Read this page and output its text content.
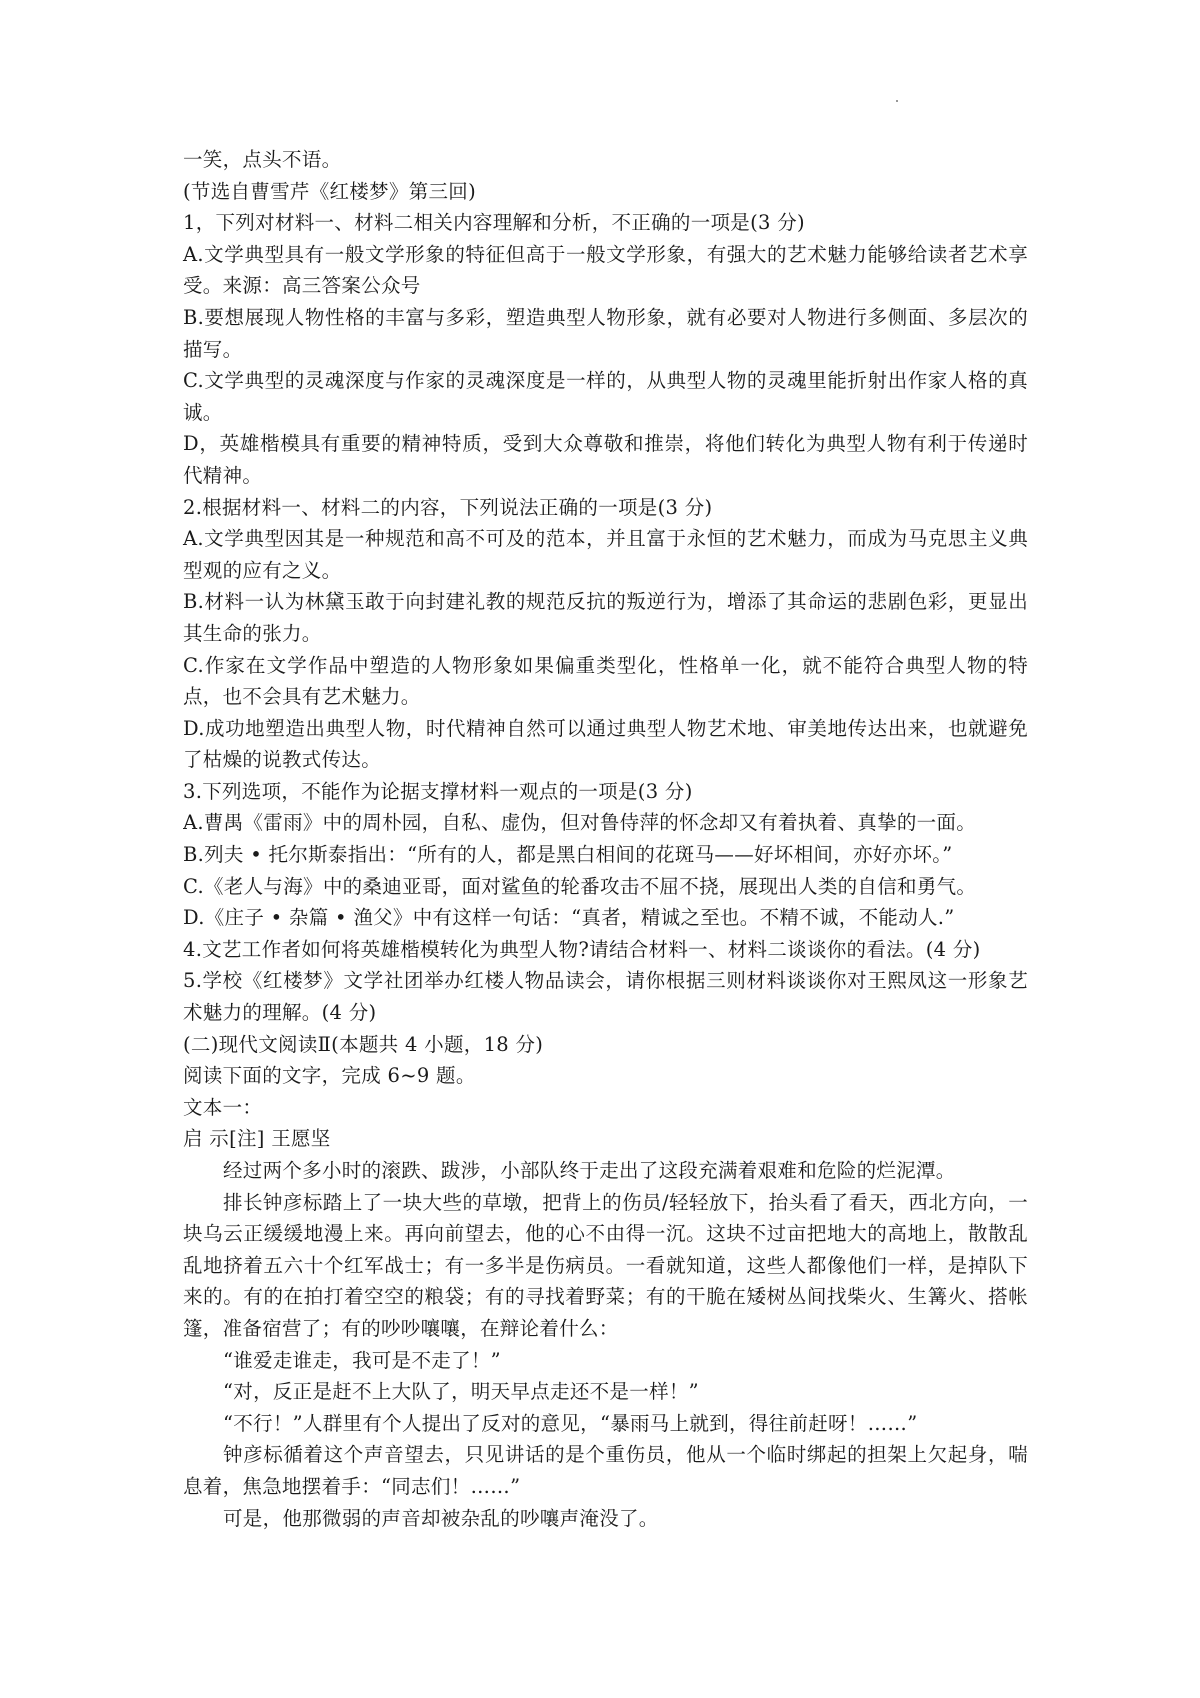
一笑，点头不语。
(节选自曹雪芹《红楼梦》第三回)
1，下列对材料一、材料二相关内容理解和分析，不正确的一项是(3 分)
A.文学典型具有一般文学形象的特征但高于一般文学形象，有强大的艺术魅力能够给读者艺术享受。来源：高三答案公众号
B.要想展现人物性格的丰富与多彩，塑造典型人物形象，就有必要对人物进行多侧面、多层次的描写。
C.文学典型的灵魂深度与作家的灵魂深度是一样的，从典型人物的灵魂里能折射出作家人格的真诚。
D，英雄楷模具有重要的精神特质，受到大众尊敬和推崇，将他们转化为典型人物有利于传递时代精神。
2.根据材料一、材料二的内容，下列说法正确的一项是(3 分)
A.文学典型因其是一种规范和高不可及的范本，并且富于永恒的艺术魅力，而成为马克思主义典型观的应有之义。
B.材料一认为林黛玉敢于向封建礼教的规范反抗的叛逆行为，增添了其命运的悲剧色彩，更显出其生命的张力。
C.作家在文学作品中塑造的人物形象如果偏重类型化，性格单一化，就不能符合典型人物的特点，也不会具有艺术魅力。
D.成功地塑造出典型人物，时代精神自然可以通过典型人物艺术地、审美地传达出来，也就避免了枯燥的说教式传达。
3.下列选项，不能作为论据支撑材料一观点的一项是(3 分)
A.曹禺《雷雨》中的周朴园，自私、虚伪，但对鲁侍萍的怀念却又有着执着、真挚的一面。
B.列夫 • 托尔斯泰指出：“所有的人，都是黑白相间的花斑马——好坏相间，亦好亦坏。”
C.《老人与海》中的桑迪亚哥，面对鲨鱼的轮番攻击不屈不挠，展现出人类的自信和勇气。
D.《庄子 • 杂篇 • 渔父》中有这样一句话：“真者，精诚之至也。不精不诚，不能动人.”
4.文艺工作者如何将英雄楷模转化为典型人物?请结合材料一、材料二谈谈你的看法。(4 分)
5.学校《红楼梦》文学社团举办红楼人物品读会，请你根据三则材料谈谈你对王熙凤这一形象艺术魅力的理解。(4 分)
(二)现代文阅读Ⅱ(本题共 4 小题，18 分)
阅读下面的文字，完成 6~9 题。
文本一：
启 示[注] 王愿坚
经过两个多小时的滚跌、跋涉，小部队终于走出了这段充满着艰难和危险的烂泥潭。
排长钟彦标踏上了一块大些的草墩，把背上的伤员/轻轻放下，抬头看了看天，西北方向，一块乌云正缓缓地漫上来。再向前望去，他的心不由得一沉。这块不过亩把地大的高地上，散散乱乱地挤着五六十个红军战士；有一多半是伤病员。一看就知道，这些人都像他们一样，是掉队下来的。有的在拍打着空空的粮袋；有的寻找着野菜；有的干脆在矮树丛间找柴火、生篝火、搭帐篷，准备宿营了；有的吵吵嚷嚷，在辩论着什么：
“谁爱走谁走，我可是不走了！”
“对，反正是赶不上大队了，明天早点走还不是一样！”
“不行！”人群里有个人提出了反对的意见，“暴雨马上就到，得往前赶呀！……”
钟彦标循着这个声音望去，只见讲话的是个重伤员，他从一个临时绑起的担架上欠起身，喘息着，焦急地摆着手：“同志们！……”
可是，他那微弱的声音却被杂乱的吵嚷声淹没了。
